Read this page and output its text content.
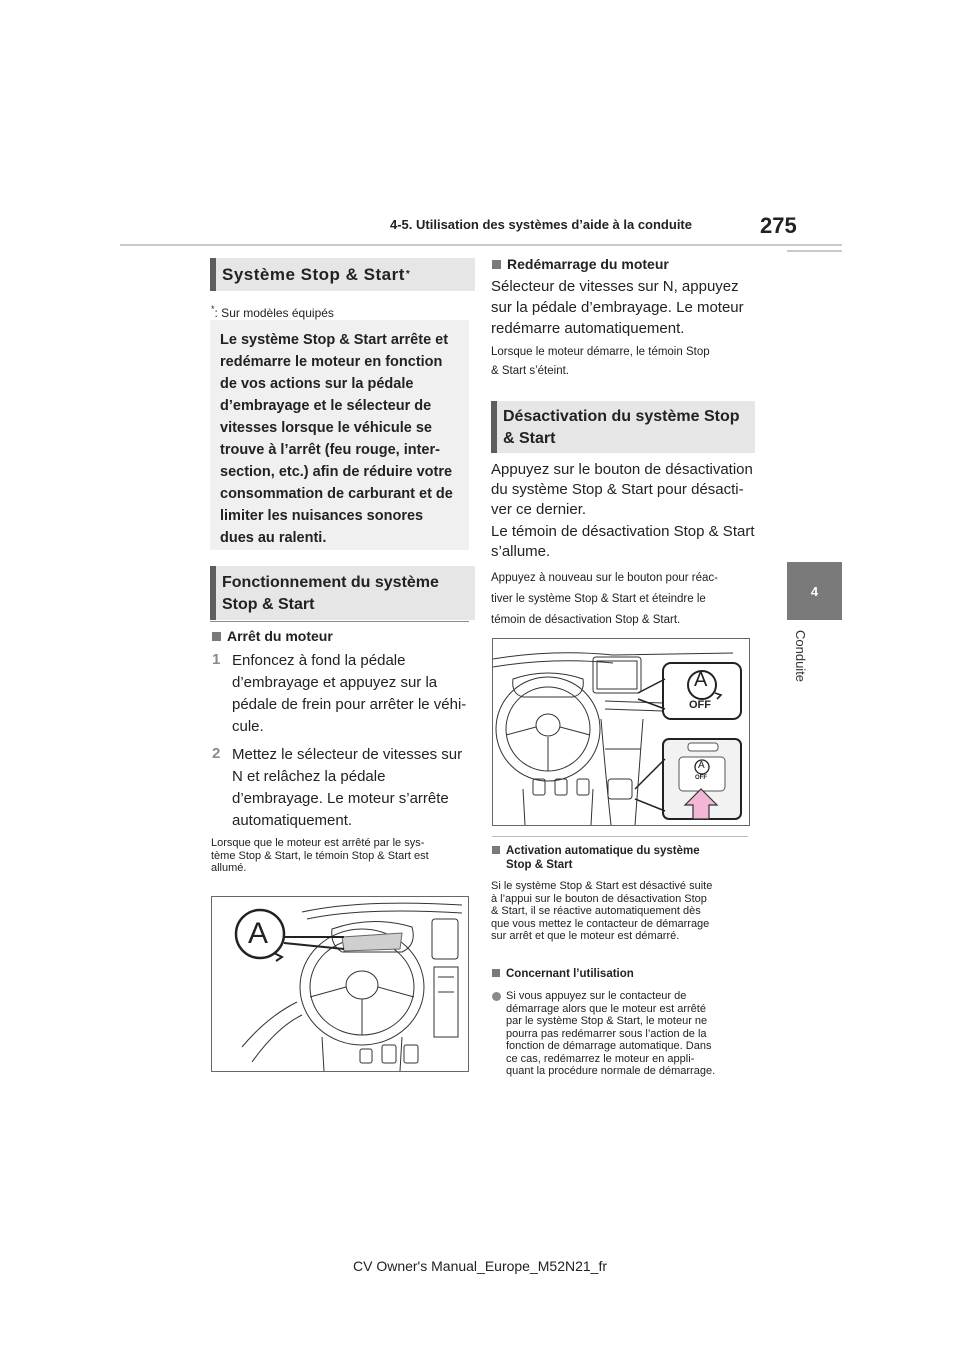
4-5. Utilisation des systèmes d’aide à la conduite	275
4
Conduite
Système Stop & Start *
*: Sur modèles équipés
Le système Stop & Start arrête et
redémarre le moteur en fonction
de vos actions sur la pédale
d’embrayage et le sélecteur de
vitesses lorsque le véhicule se
trouve à l’arrêt (feu rouge, inter-
section, etc.) afin de réduire votre
consommation de carburant et de
limiter les nuisances sonores
dues au ralenti.
Fonctionnement du système
Stop & Start
Arrêt du moteur
1 Enfoncez à fond la pédale
d’embrayage et appuyez sur la
pédale de frein pour arrêter le véhi-
cule.
2 Mettez le sélecteur de vitesses sur
N et relâchez la pédale
d’embrayage. Le moteur s’arrête
automatiquement.
Lorsque que le moteur est arrêté par le sys-
tème Stop & Start, le témoin Stop & Start est
allumé.
A
Redémarrage du moteur
Sélecteur de vitesses sur N, appuyez
sur la pédale d’embrayage. Le moteur
redémarre automatiquement.
Lorsque le moteur démarre, le témoin Stop
& Start s’éteint.
Désactivation du système Stop
& Start
Appuyez sur le bouton de désactivation
du système Stop & Start pour désacti-
ver ce dernier.
Le témoin de désactivation Stop & Start
s’allume.
Appuyez à nouveau sur le bouton pour réac-
tiver le système Stop & Start et éteindre le
témoin de désactivation Stop & Start.
A
OFF
A
OFF
Activation automatique du système
Stop & Start
Si le système Stop & Start est désactivé suite
à l’appui sur le bouton de désactivation Stop
& Start, il se réactive automatiquement dès
que vous mettez le contacteur de démarrage
sur arrêt et que le moteur est démarré.
Concernant l’utilisation
Si vous appuyez sur le contacteur de
démarrage alors que le moteur est arrêté
par le système Stop & Start, le moteur ne
pourra pas redémarrer sous l’action de la
fonction de démarrage automatique. Dans
ce cas, redémarrez le moteur en appli-
quant la procédure normale de démarrage.
CV Owner's Manual_Europe_M52N21_fr
